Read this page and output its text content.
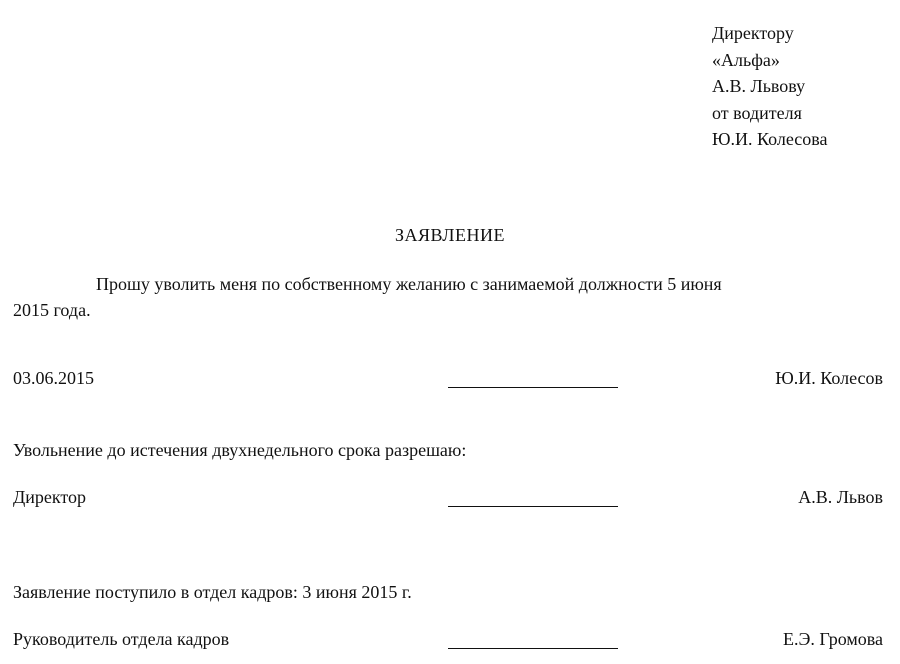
Директору
«Альфа»
А.В. Львову
от водителя
Ю.И. Колесова
ЗАЯВЛЕНИЕ
Прошу уволить меня по собственному желанию с занимаемой должности 5 июня
2015 года.
03.06.2015	Ю.И. Колесов
Увольнение до истечения двухнедельного срока разрешаю:
Директор	А.В. Львов
Заявление поступило в отдел кадров: 3 июня 2015 г.
Руководитель отдела кадров	Е.Э. Громова
